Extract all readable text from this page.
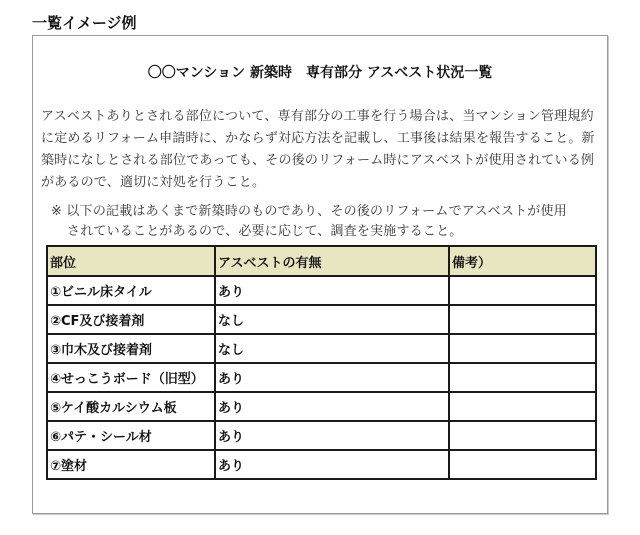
一覧イメージ例
〇〇マンション 新築時　専有部分 アスベスト状況一覧
アスベストありとされる部位について、専有部分の工事を行う場合は、当マンション管理規約
に定めるリフォーム申請時に、かならず対応方法を記載し、工事後は結果を報告すること。新
築時になしとされる部位であっても、その後のリフォーム時にアスベストが使用されている例
があるので、適切に対処を行うこと。
※ 以下の記載はあくまで新築時のものであり、その後のリフォームでアスベストが使用
されていることがあるので、必要に応じて、調査を実施すること。
部位	アスベストの有無	備考）
①ビニル床タイル	あり	
②CF及び接着剤	なし	
③巾木及び接着剤	なし	
④せっこうボード（旧型）	あり	
⑤ケイ酸カルシウム板	あり	
⑥パテ・シール材	あり	
⑦塗材	あり	
